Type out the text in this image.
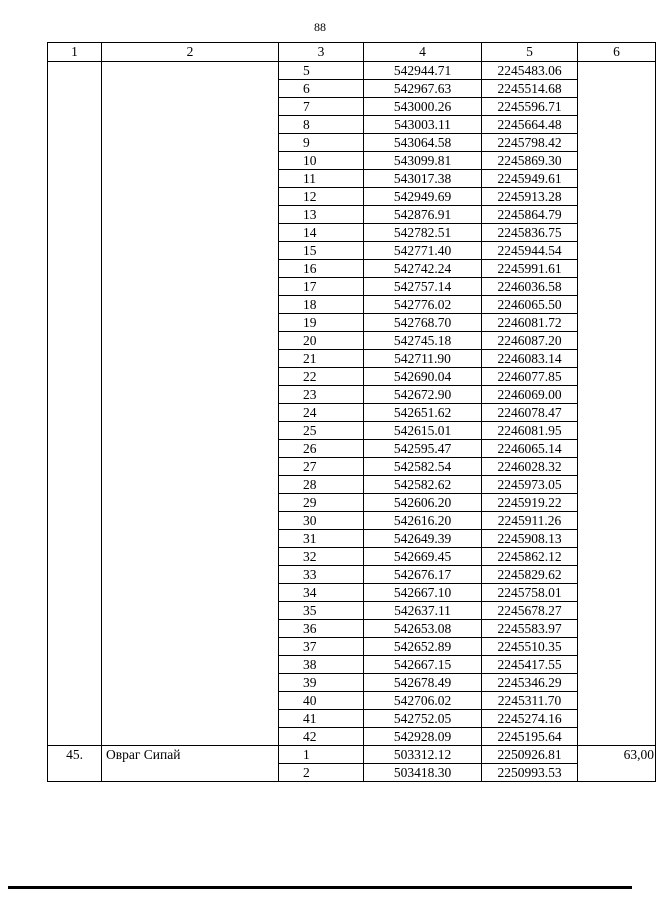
88
1	2	3	4	5	6
		5	542944.71	2245483.06	
		6	542967.63	2245514.68	
		7	543000.26	2245596.71	
		8	543003.11	2245664.48	
		9	543064.58	2245798.42	
		10	543099.81	2245869.30	
		11	543017.38	2245949.61	
		12	542949.69	2245913.28	
		13	542876.91	2245864.79	
		14	542782.51	2245836.75	
		15	542771.40	2245944.54	
		16	542742.24	2245991.61	
		17	542757.14	2246036.58	
		18	542776.02	2246065.50	
		19	542768.70	2246081.72	
		20	542745.18	2246087.20	
		21	542711.90	2246083.14	
		22	542690.04	2246077.85	
		23	542672.90	2246069.00	
		24	542651.62	2246078.47	
		25	542615.01	2246081.95	
		26	542595.47	2246065.14	
		27	542582.54	2246028.32	
		28	542582.62	2245973.05	
		29	542606.20	2245919.22	
		30	542616.20	2245911.26	
		31	542649.39	2245908.13	
		32	542669.45	2245862.12	
		33	542676.17	2245829.62	
		34	542667.10	2245758.01	
		35	542637.11	2245678.27	
		36	542653.08	2245583.97	
		37	542652.89	2245510.35	
		38	542667.15	2245417.55	
		39	542678.49	2245346.29	
		40	542706.02	2245311.70	
		41	542752.05	2245274.16	
		42	542928.09	2245195.64	
45.	Овраг Сипай	1	503312.12	2250926.81	63,00
		2	503418.30	2250993.53	
